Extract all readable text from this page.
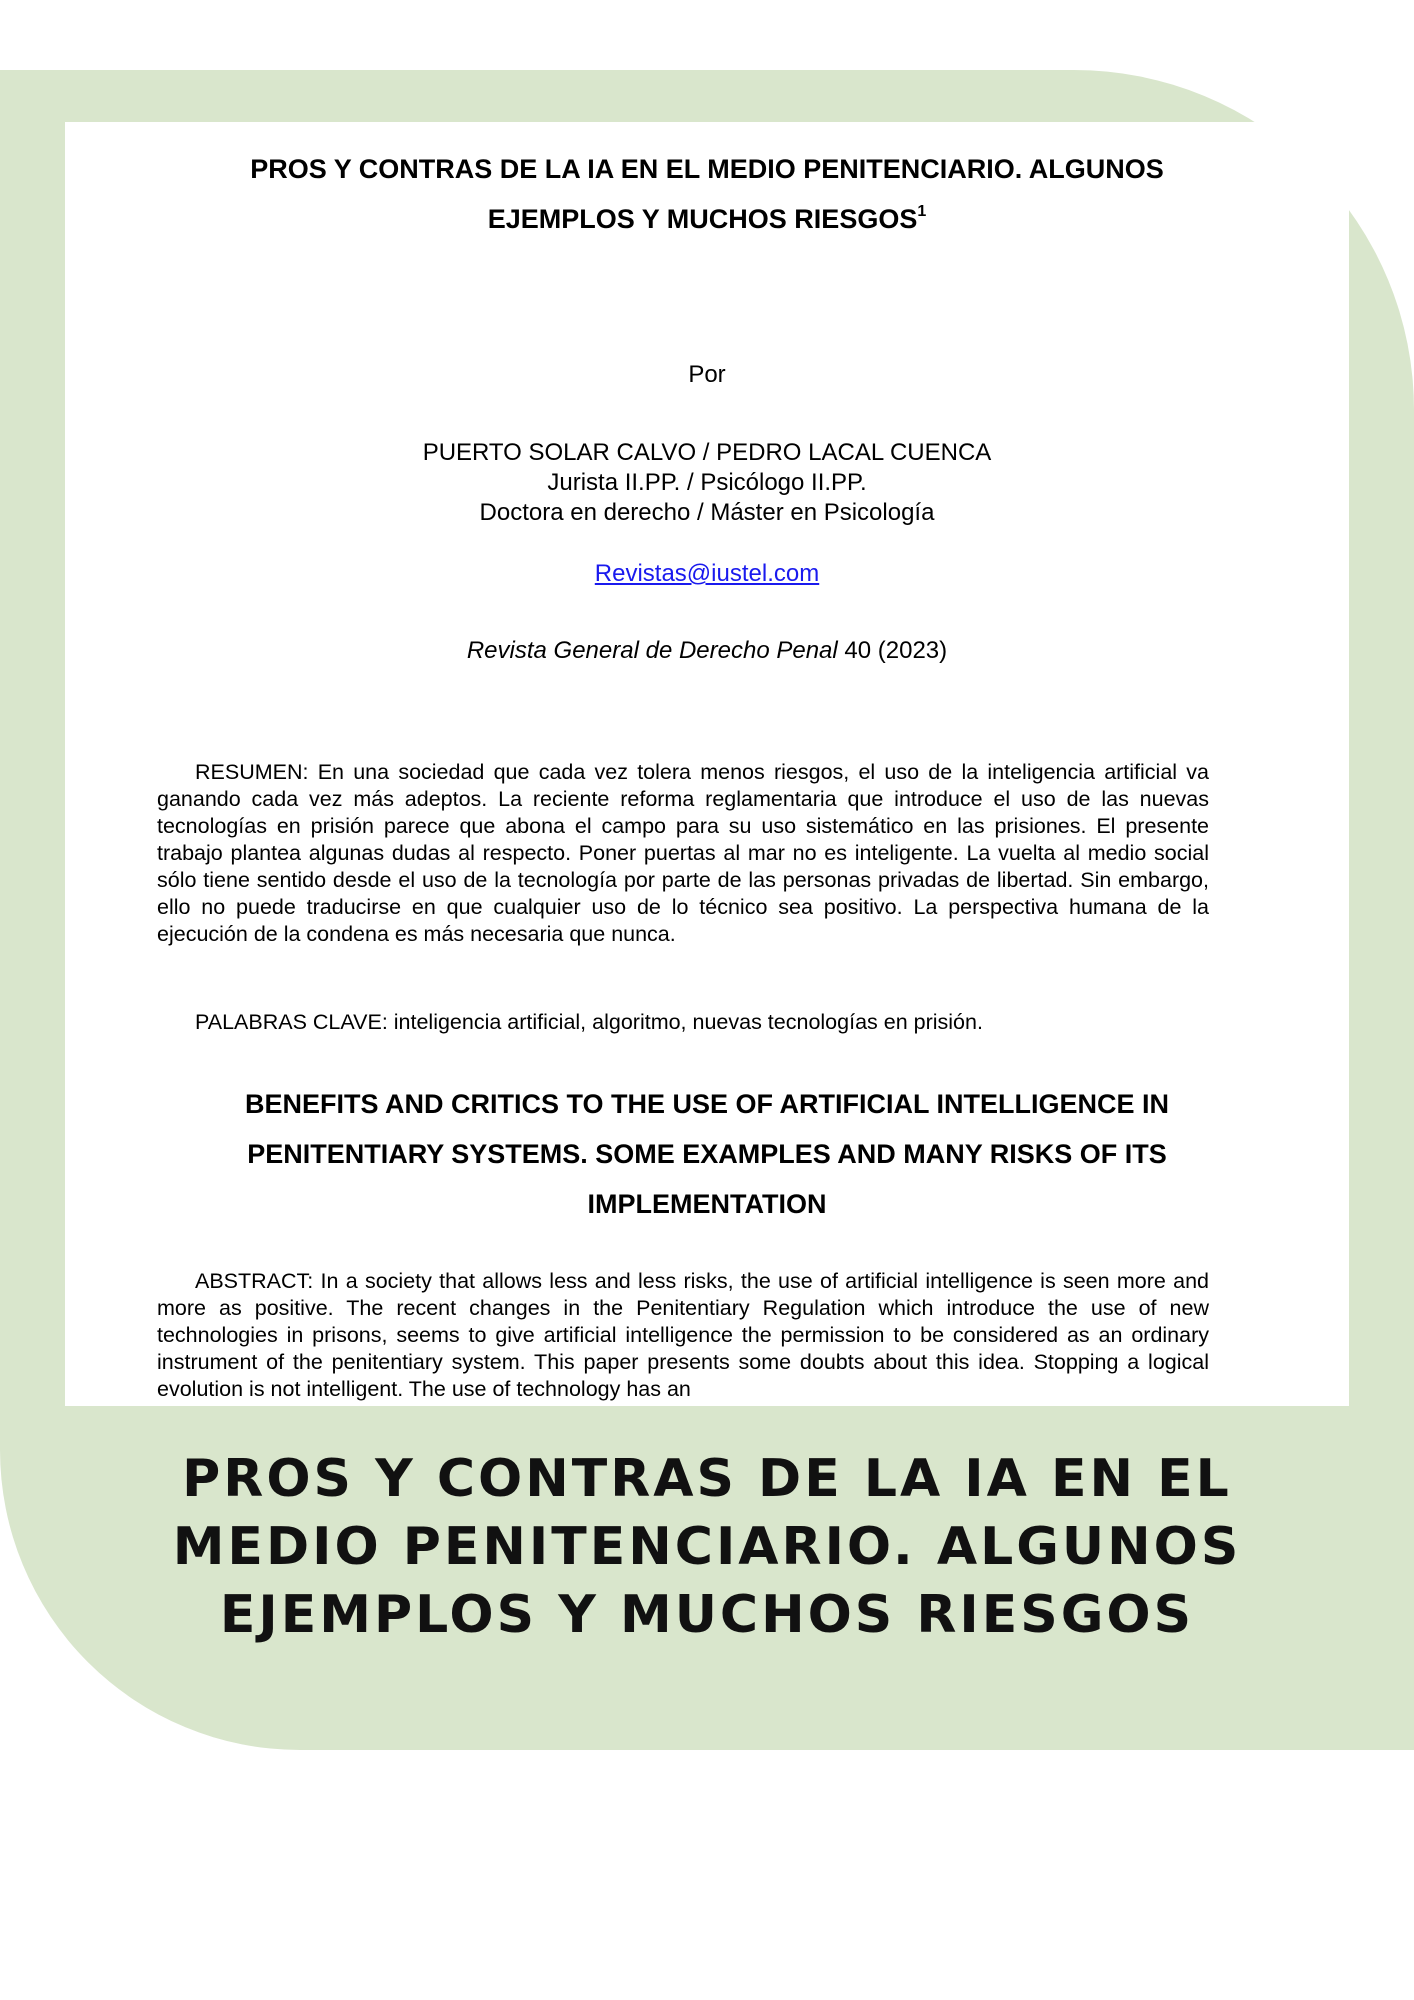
PROS Y CONTRAS DE LA IA EN EL MEDIO PENITENCIARIO. ALGUNOS EJEMPLOS Y MUCHOS RIESGOS$^1$
Por
PUERTO SOLAR CALVO / PEDRO LACAL CUENCA
Jurista II.PP. / Psicólogo II.PP.
Doctora en derecho / Máster en Psicología
Revistas@iustel.com
Revista General de Derecho Penal 40 (2023)
RESUMEN: En una sociedad que cada vez tolera menos riesgos, el uso de la inteligencia artificial va ganando cada vez más adeptos. La reciente reforma reglamentaria que introduce el uso de las nuevas tecnologías en prisión parece que abona el campo para su uso sistemático en las prisiones. El presente trabajo plantea algunas dudas al respecto. Poner puertas al mar no es inteligente. La vuelta al medio social sólo tiene sentido desde el uso de la tecnología por parte de las personas privadas de libertad. Sin embargo, ello no puede traducirse en que cualquier uso de lo técnico sea positivo. La perspectiva humana de la ejecución de la condena es más necesaria que nunca.
PALABRAS CLAVE: inteligencia artificial, algoritmo, nuevas tecnologías en prisión.
BENEFITS AND CRITICS TO THE USE OF ARTIFICIAL INTELLIGENCE IN PENITENTIARY SYSTEMS. SOME EXAMPLES AND MANY RISKS OF ITS IMPLEMENTATION
ABSTRACT: In a society that allows less and less risks, the use of artificial intelligence is seen more and more as positive. The recent changes in the Penitentiary Regulation which introduce the use of new technologies in prisons, seems to give artificial intelligence the permission to be considered as an ordinary instrument of the penitentiary system. This paper presents some doubts about this idea. Stopping a logical evolution is not intelligent. The use of technology has an
PROS Y CONTRAS DE LA IA EN EL MEDIO PENITENCIARIO. ALGUNOS EJEMPLOS Y MUCHOS RIESGOS
